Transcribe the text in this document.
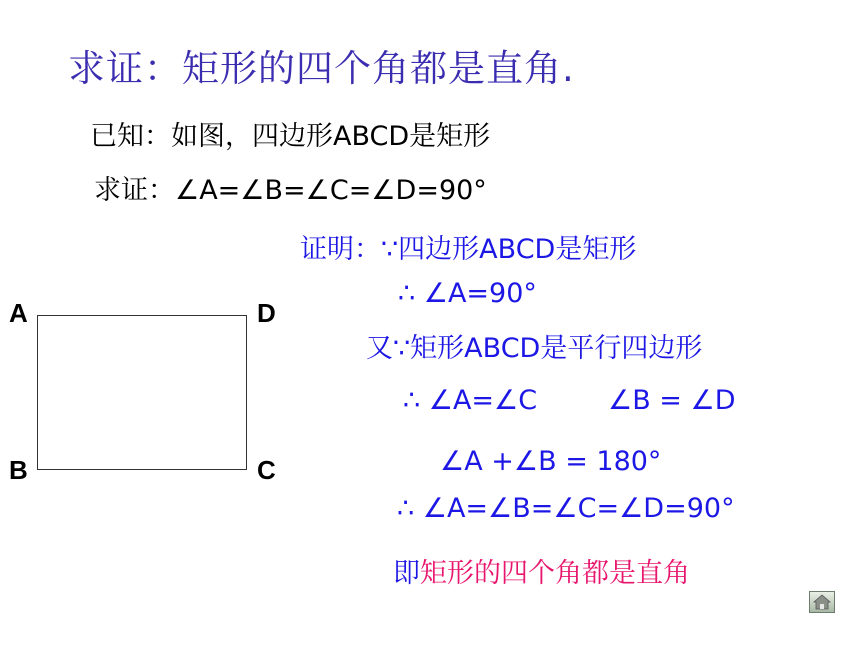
求证：矩形的四个角都是直角.
已知：如图，四边形ABCD是矩形
求证：∠A=∠B=∠C=∠D=90°
A	D
B	C
证明：∵四边形ABCD是矩形
∴ ∠A=90°
又∵矩形ABCD是平行四边形
∴ ∠A=∠C	∠B = ∠D
∠A +∠B = 180°
∴ ∠A=∠B=∠C=∠D=90°
即矩形的四个角都是直角
